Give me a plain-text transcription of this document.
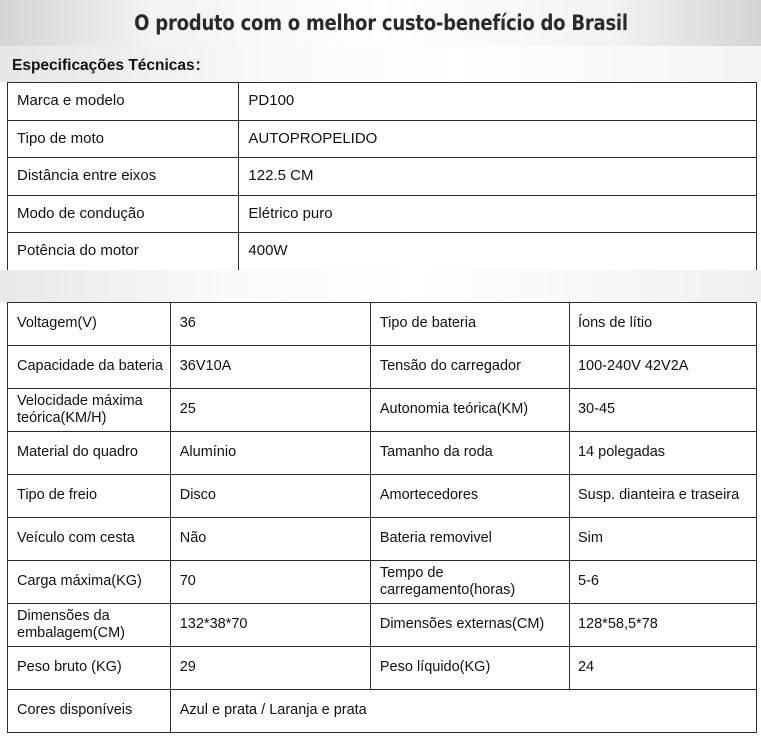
O produto com o melhor custo-benefício do Brasil
Especificações Técnicas：
Marca e modelo	PD100
Tipo de moto	AUTOPROPELIDO
Distância entre eixos	122.5 CM
Modo de condução	Elétrico puro
Potência do motor	400W
Voltagem(V)	36	Tipo de bateria	Íons de lítio
Capacidade da bateria	36V10A	Tensão do carregador	100-240V 42V2A
Velocidade máxima teórica(KM/H)	25	Autonomia teórica(KM)	30-45
Material do quadro	Alumínio	Tamanho da roda	14 polegadas
Tipo de freio	Disco	Amortecedores	Susp. dianteira e traseira
Veículo com cesta	Não	Bateria removivel	Sim
Carga máxima(KG)	70	Tempo de carregamento(horas)	5-6
Dimensões da embalagem(CM)	132*38*70	Dimensões externas(CM)	128*58,5*78
Peso bruto (KG)	29	Peso líquido(KG)	24
Cores disponíveis	Azul e prata / Laranja e prata		
